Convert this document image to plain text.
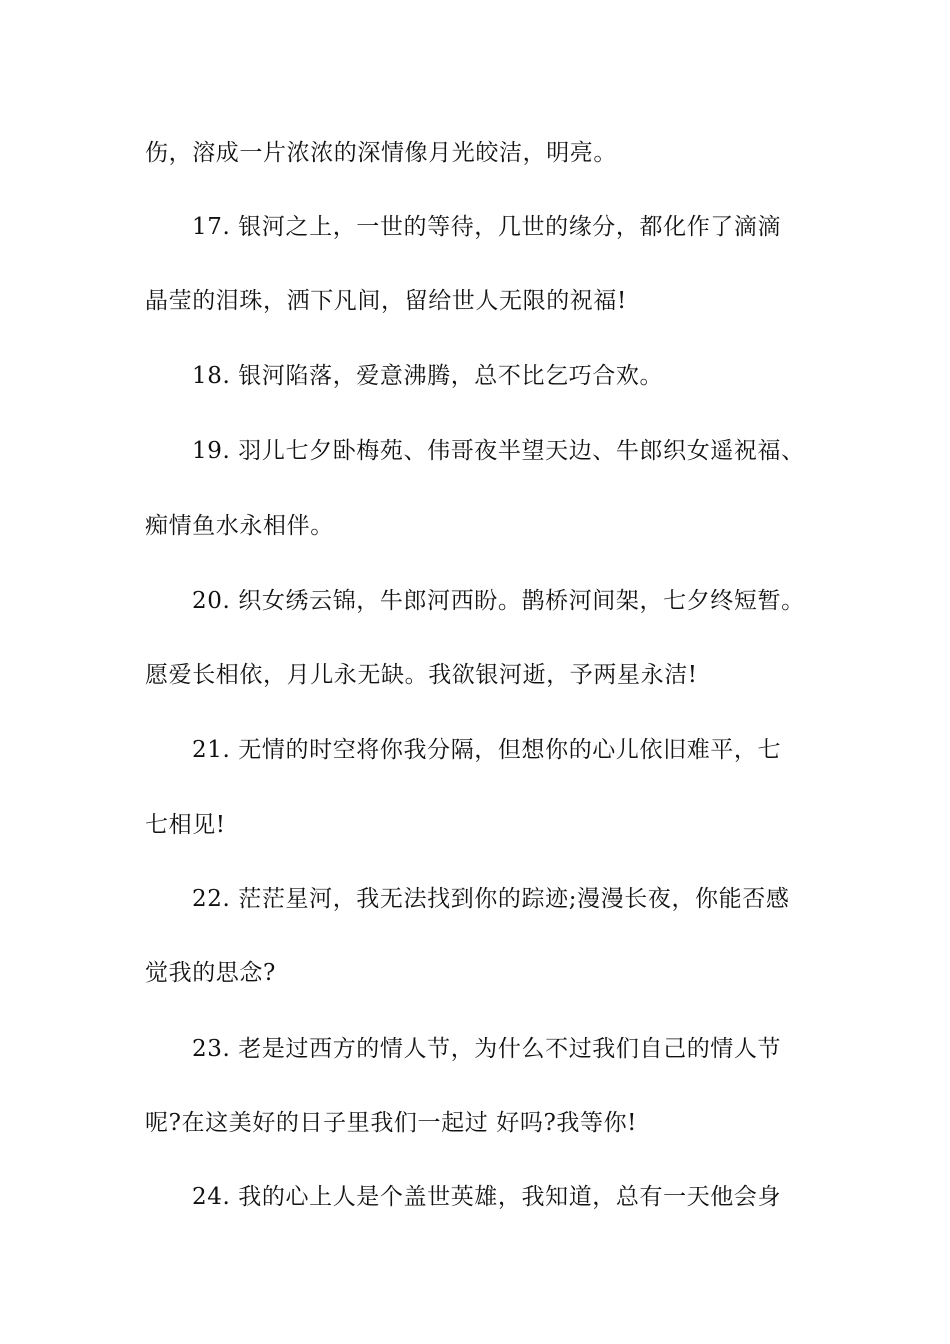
伤，溶成一片浓浓的深情像月光皎洁，明亮。
17. 银河之上，一世的等待，几世的缘分，都化作了滴滴
晶莹的泪珠，洒下凡间，留给世人无限的祝福!
18. 银河陷落，爱意沸腾，总不比乞巧合欢。
19. 羽儿七夕卧梅苑、伟哥夜半望天边、牛郎织女遥祝福、
痴情鱼水永相伴。
20. 织女绣云锦，牛郎河西盼。鹊桥河间架，七夕终短暂。
愿爱长相依，月儿永无缺。我欲银河逝，予两星永洁!
21. 无情的时空将你我分隔，但想你的心儿依旧难平，七
七相见!
22. 茫茫星河，我无法找到你的踪迹;漫漫长夜，你能否感
觉我的思念?
23. 老是过西方的情人节，为什么不过我们自己的情人节
呢?在这美好的日子里我们一起过 好吗?我等你!
24. 我的心上人是个盖世英雄，我知道，总有一天他会身
